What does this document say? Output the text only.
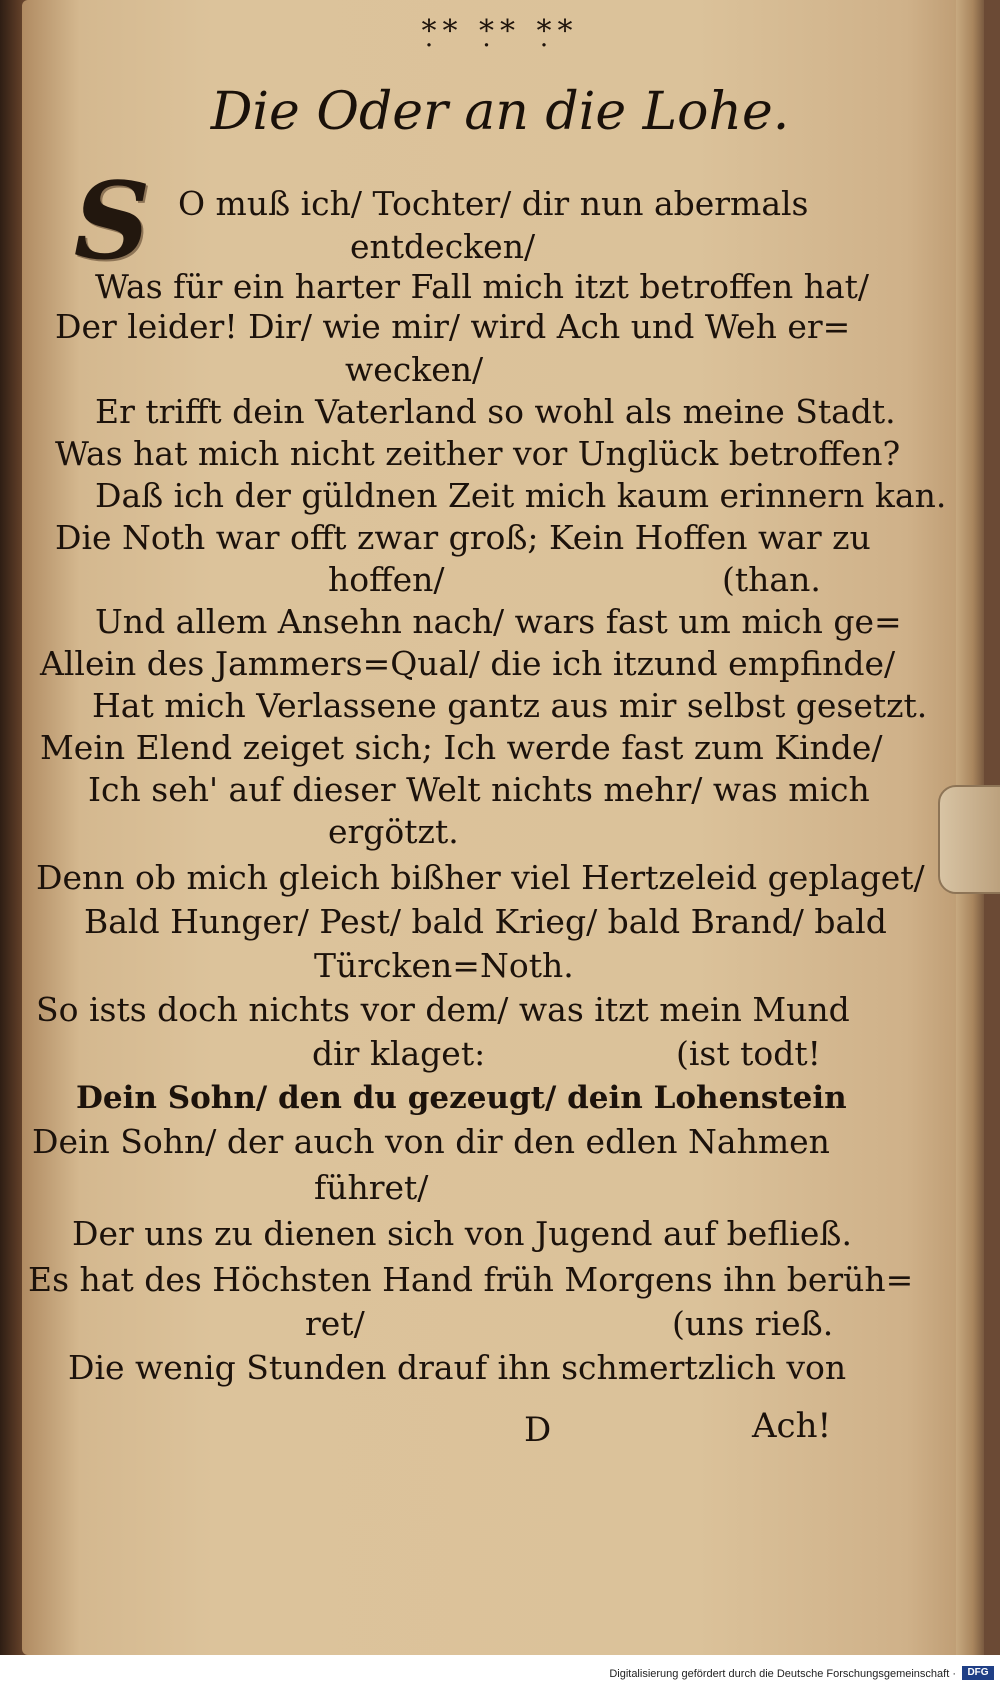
*̣* *̣* *̣*
Die Oder an die Lohe.
S O muß ich/ Tochter/ dir nun abermals
entdecken/
Was für ein harter Fall mich itzt betroffen hat/
Der leider! Dir/ wie mir/ wird Ach und Weh er=
wecken/
Er trifft dein Vaterland so wohl als meine Stadt.
Was hat mich nicht zeither vor Unglück betroffen?
Daß ich der güldnen Zeit mich kaum erinnern kan.
Die Noth war offt zwar groß; Kein Hoffen war zu
hoffen/	(than.
Und allem Ansehn nach/ wars fast um mich ge=
Allein des Jammers=Qual/ die ich itzund empfinde/
Hat mich Verlassene gantz aus mir selbst gesetzt.
Mein Elend zeiget sich; Ich werde fast zum Kinde/
Ich seh' auf dieser Welt nichts mehr/ was mich
ergötzt.
Denn ob mich gleich bißher viel Hertzeleid geplaget/
Bald Hunger/ Pest/ bald Krieg/ bald Brand/ bald
Türcken=Noth.
So ists doch nichts vor dem/ was itzt mein Mund
dir klaget:	(ist todt!
Dein Sohn/ den du gezeugt/ dein Lohenstein
Dein Sohn/ der auch von dir den edlen Nahmen
führet/
Der uns zu dienen sich von Jugend auf befließ.
Es hat des Höchsten Hand früh Morgens ihn berüh=
ret/	(uns rieß.
Die wenig Stunden drauf ihn schmertzlich von
D	Ach!
Digitalisierung gefördert durch die Deutsche Forschungsgemeinschaft ·	DFG
